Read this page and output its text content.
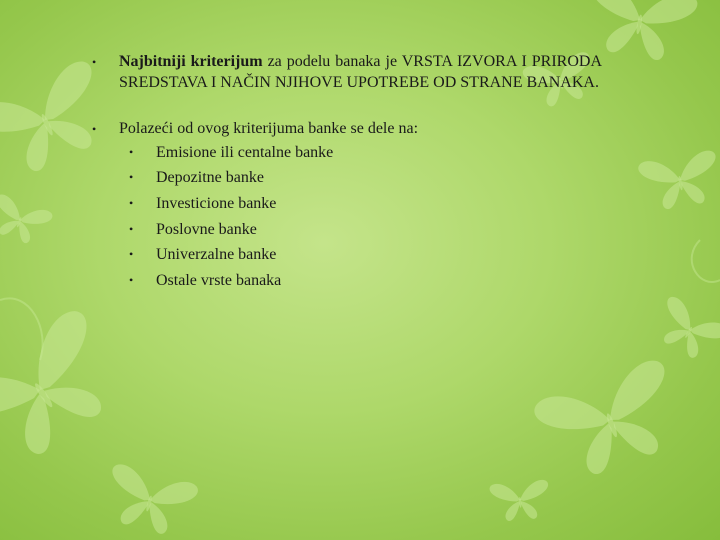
• Najbitniji kriterijum za podelu banaka je VRSTA IZVORA I PRIRODA SREDSTAVA I NAČIN NJIHOVE UPOTREBE OD STRANE BANAKA.
• Polazeći od ovog kriterijuma banke se dele na:
• Emisione ili centalne banke
• Depozitne banke
• Investicione banke
• Poslovne banke
• Univerzalne banke
• Ostale vrste banaka
